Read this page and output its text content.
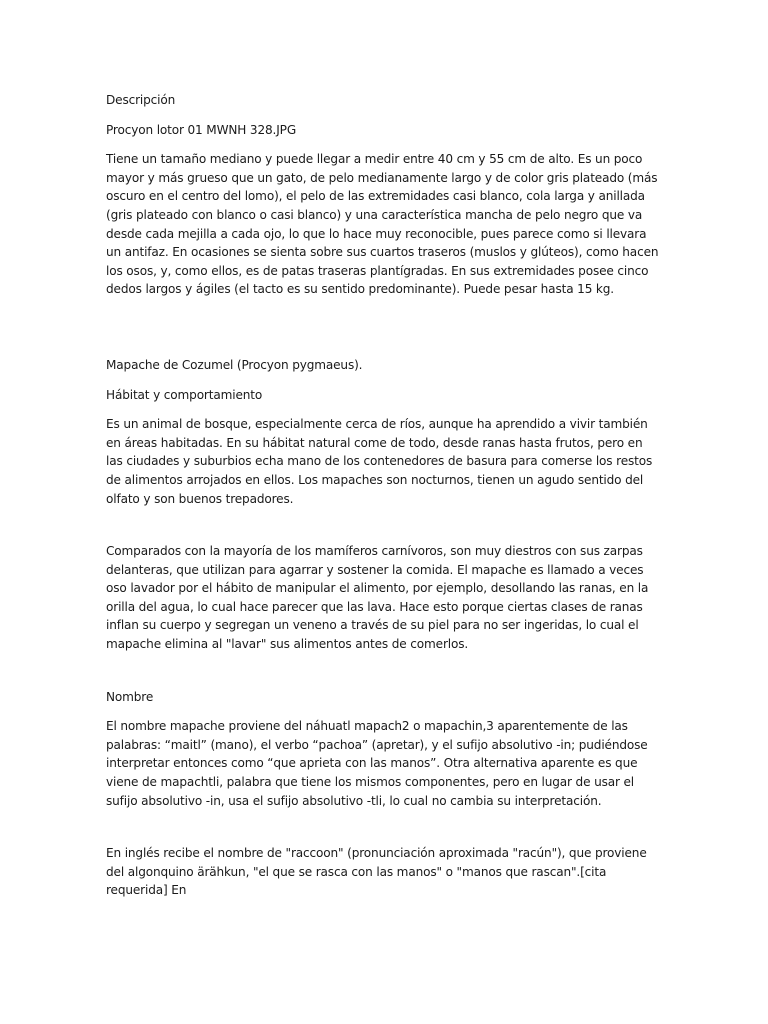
Descripción

Procyon lotor 01 MWNH 328.JPG

Tiene un tamaño mediano y puede llegar a medir entre 40 cm y 55 cm de alto. Es un poco mayor y más grueso que un gato, de pelo medianamente largo y de color gris plateado (más oscuro en el centro del lomo), el pelo de las extremidades casi blanco, cola larga y anillada (gris plateado con blanco o casi blanco) y una característica mancha de pelo negro que va desde cada mejilla a cada ojo, lo que lo hace muy reconocible, pues parece como si llevara un antifaz. En ocasiones se sienta sobre sus cuartos traseros (muslos y glúteos), como hacen los osos, y, como ellos, es de patas traseras plantígradas. En sus extremidades posee cinco dedos largos y ágiles (el tacto es su sentido predominante). Puede pesar hasta 15 kg.

Mapache de Cozumel (Procyon pygmaeus).

Hábitat y comportamiento

Es un animal de bosque, especialmente cerca de ríos, aunque ha aprendido a vivir también en áreas habitadas. En su hábitat natural come de todo, desde ranas hasta frutos, pero en las ciudades y suburbios echa mano de los contenedores de basura para comerse los restos de alimentos arrojados en ellos. Los mapaches son nocturnos, tienen un agudo sentido del olfato y son buenos trepadores.

Comparados con la mayoría de los mamíferos carnívoros, son muy diestros con sus zarpas delanteras, que utilizan para agarrar y sostener la comida. El mapache es llamado a veces oso lavador por el hábito de manipular el alimento, por ejemplo, desollando las ranas, en la orilla del agua, lo cual hace parecer que las lava. Hace esto porque ciertas clases de ranas inflan su cuerpo y segregan un veneno a través de su piel para no ser ingeridas, lo cual el mapache elimina al "lavar" sus alimentos antes de comerlos.

Nombre

El nombre mapache proviene del náhuatl mapach2 o mapachin,3 aparentemente de las palabras: “maitl” (mano), el verbo “pachoa” (apretar), y el sufijo absolutivo -in; pudiéndose interpretar entonces como “que aprieta con las manos”. Otra alternativa aparente es que viene de mapachtli, palabra que tiene los mismos componentes, pero en lugar de usar el sufijo absolutivo -in, usa el sufijo absolutivo -tli, lo cual no cambia su interpretación.

En inglés recibe el nombre de "raccoon" (pronunciación aproximada "racún"), que proviene del algonquino ärähkun, "el que se rasca con las manos" o "manos que rascan".[cita requerida] En
